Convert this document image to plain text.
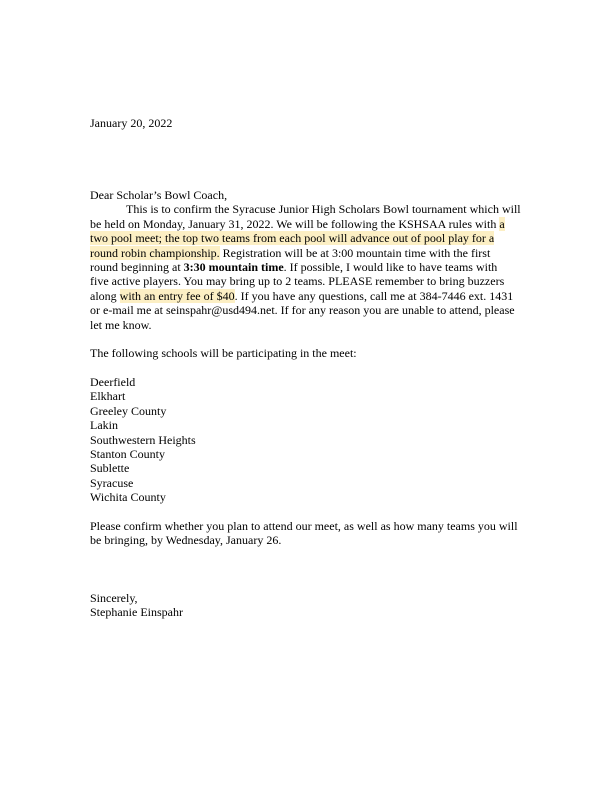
January 20, 2022
Dear Scholar’s Bowl Coach,
This is to confirm the Syracuse Junior High Scholars Bowl tournament which will
be held on Monday, January 31, 2022. We will be following the KSHSAA rules with a
two pool meet; the top two teams from each pool will advance out of pool play for a
round robin championship. Registration will be at 3:00 mountain time with the first
round beginning at 3:30 mountain time. If possible, I would like to have teams with
five active players. You may bring up to 2 teams. PLEASE remember to bring buzzers
along with an entry fee of $40. If you have any questions, call me at 384-7446 ext. 1431
or e-mail me at seinspahr@usd494.net. If for any reason you are unable to attend, please
let me know.
The following schools will be participating in the meet:
Deerfield
Elkhart
Greeley County
Lakin
Southwestern Heights
Stanton County
Sublette
Syracuse
Wichita County
Please confirm whether you plan to attend our meet, as well as how many teams you will
be bringing, by Wednesday, January 26.
Sincerely,
Stephanie Einspahr
